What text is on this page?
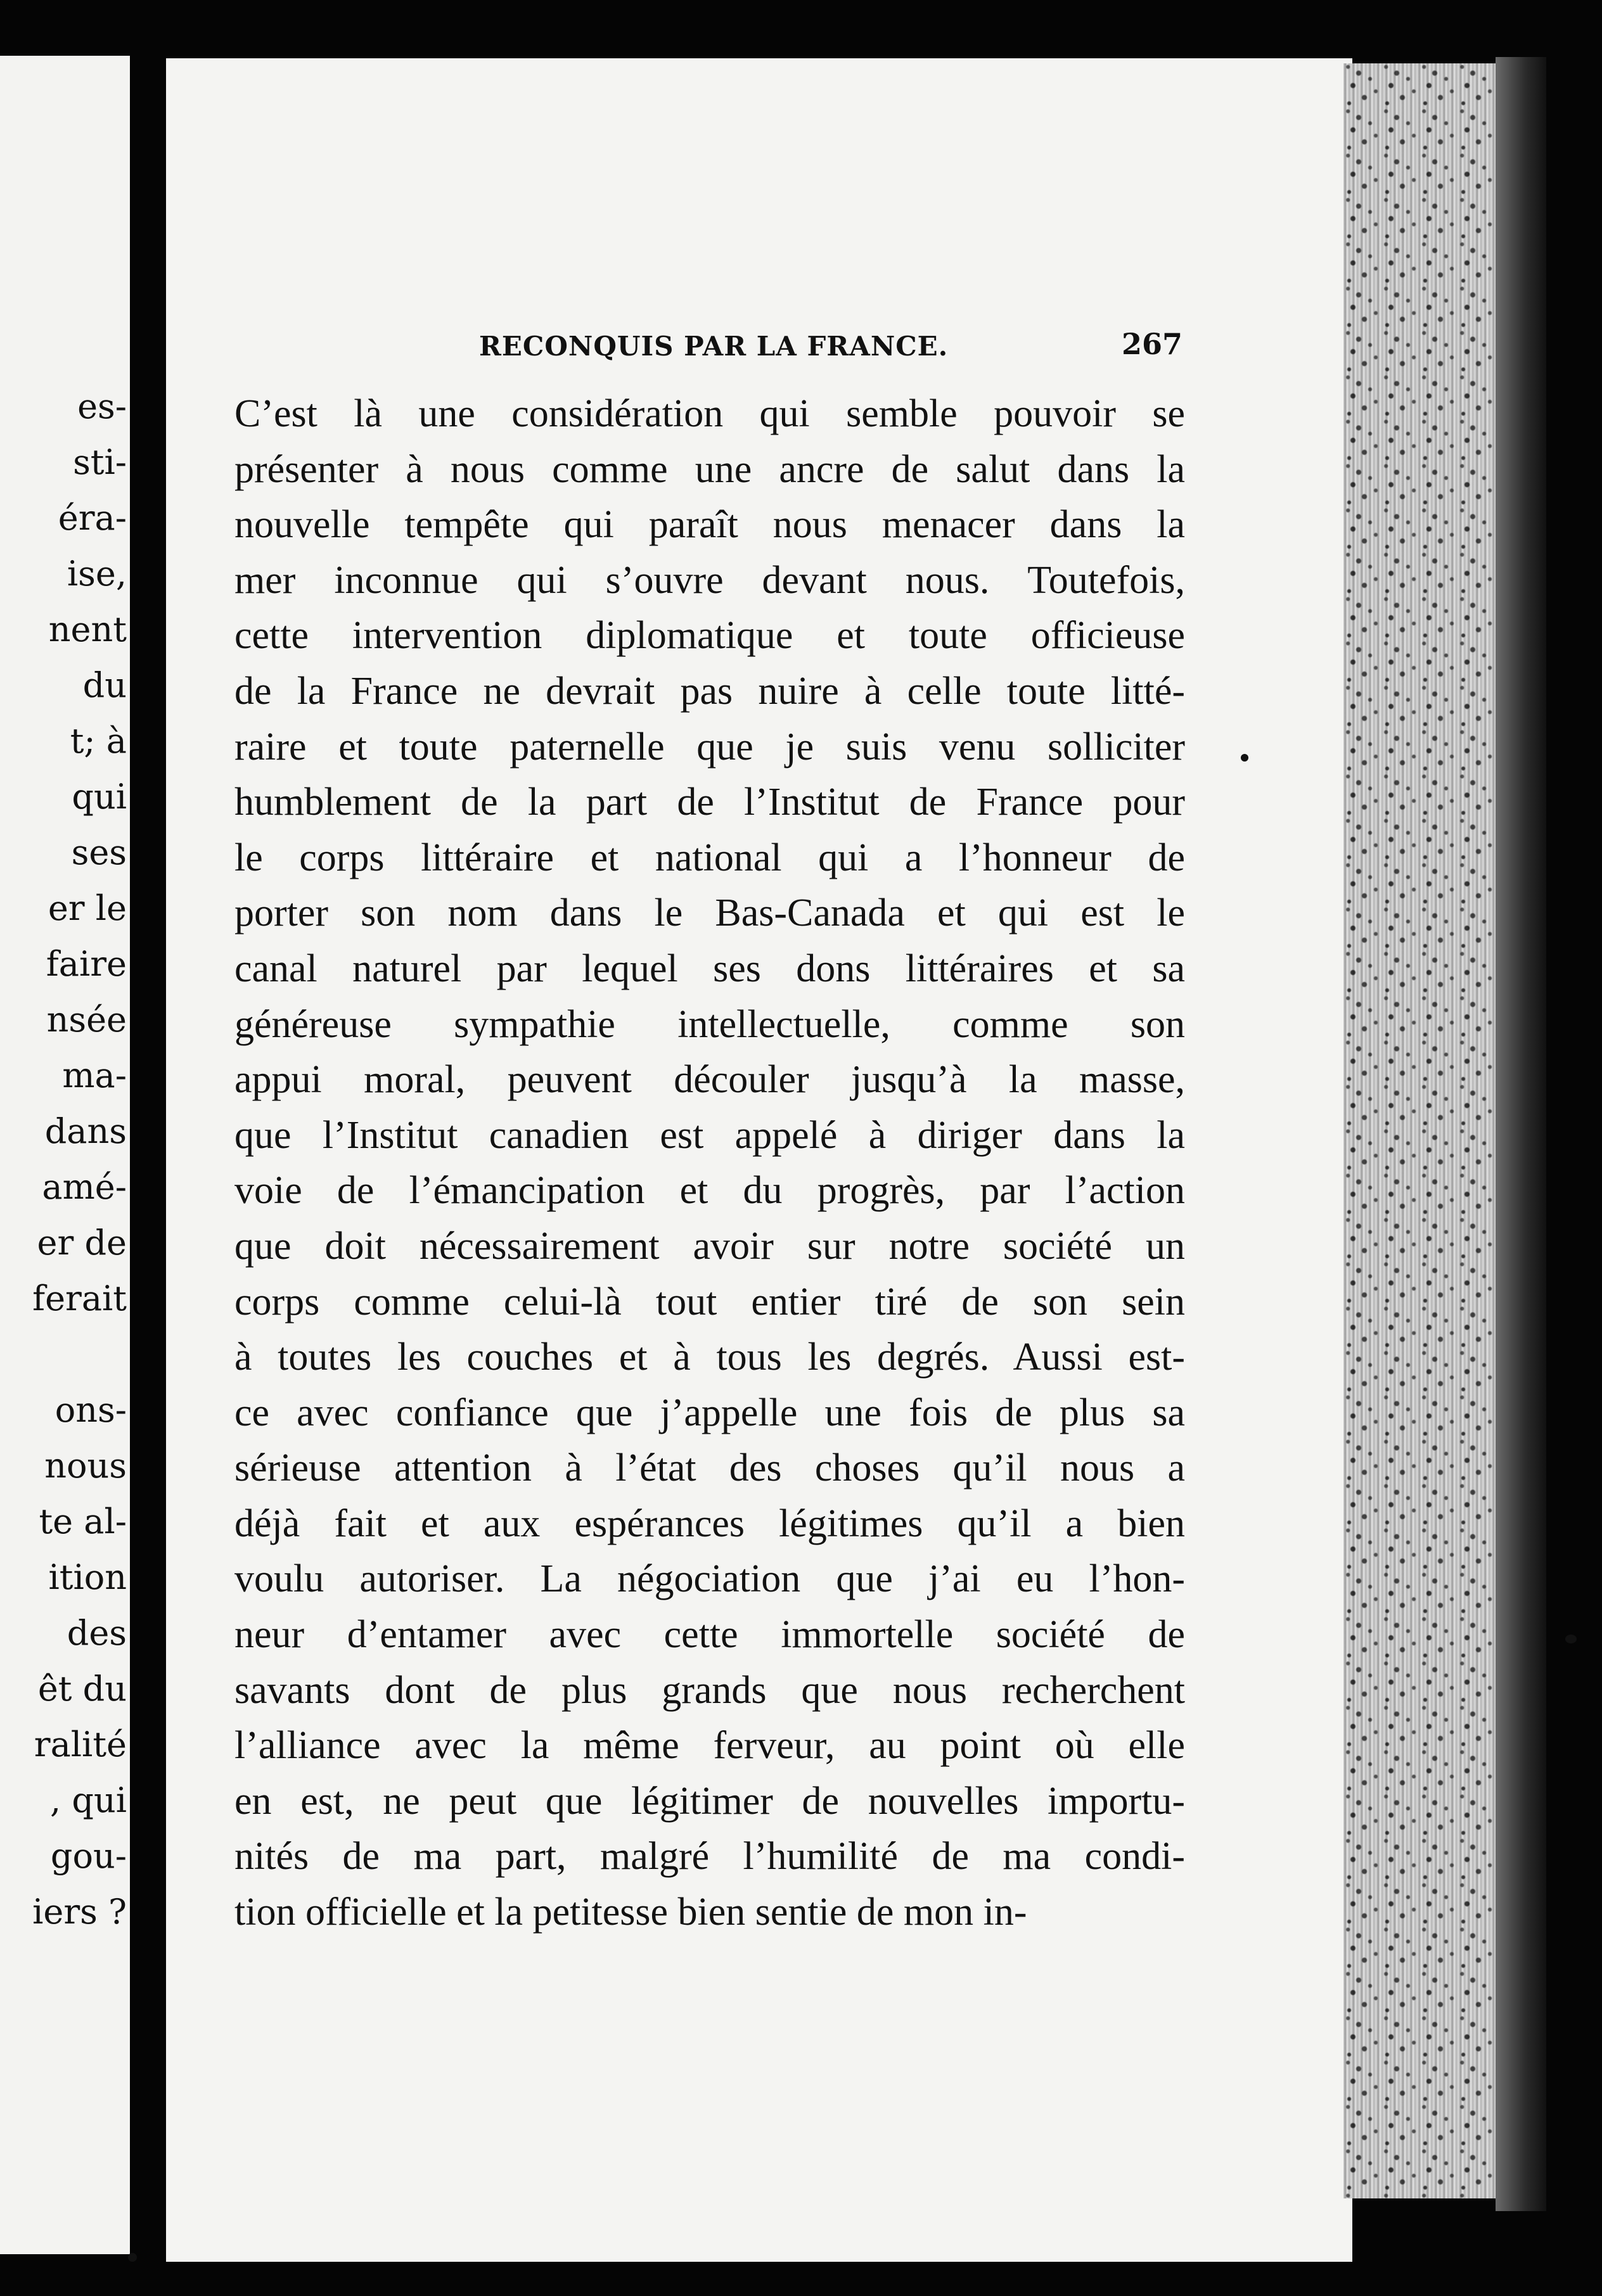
es-
sti-
éra-
ise,
nent
du
t; à
qui
ses
er le
faire
nsée
ma-
dans
amé-
er de
ferait
ons-
nous
te al-
ition
des
êt du
ralité
, qui
gou-
iers ?
RECONQUIS PAR LA FRANCE.	267
C’est là une considération qui semble pouvoir se
présenter à nous comme une ancre de salut dans la
nouvelle tempête qui paraît nous menacer dans la
mer inconnue qui s’ouvre devant nous. Toutefois,
cette intervention diplomatique et toute officieuse
de la France ne devrait pas nuire à celle toute litté-
raire et toute paternelle que je suis venu solliciter
humblement de la part de l’Institut de France pour
le corps littéraire et national qui a l’honneur de
porter son nom dans le Bas-Canada et qui est le
canal naturel par lequel ses dons littéraires et sa
généreuse sympathie intellectuelle, comme son
appui moral, peuvent découler jusqu’à la masse,
que l’Institut canadien est appelé à diriger dans la
voie de l’émancipation et du progrès, par l’action
que doit nécessairement avoir sur notre société un
corps comme celui-là tout entier tiré de son sein
à toutes les couches et à tous les degrés. Aussi est-
ce avec confiance que j’appelle une fois de plus sa
sérieuse attention à l’état des choses qu’il nous a
déjà fait et aux espérances légitimes qu’il a bien
voulu autoriser. La négociation que j’ai eu l’hon-
neur d’entamer avec cette immortelle société de
savants dont de plus grands que nous recherchent
l’alliance avec la même ferveur, au point où elle
en est, ne peut que légitimer de nouvelles importu-
nités de ma part, malgré l’humilité de ma condi-
tion officielle et la petitesse bien sentie de mon in-
